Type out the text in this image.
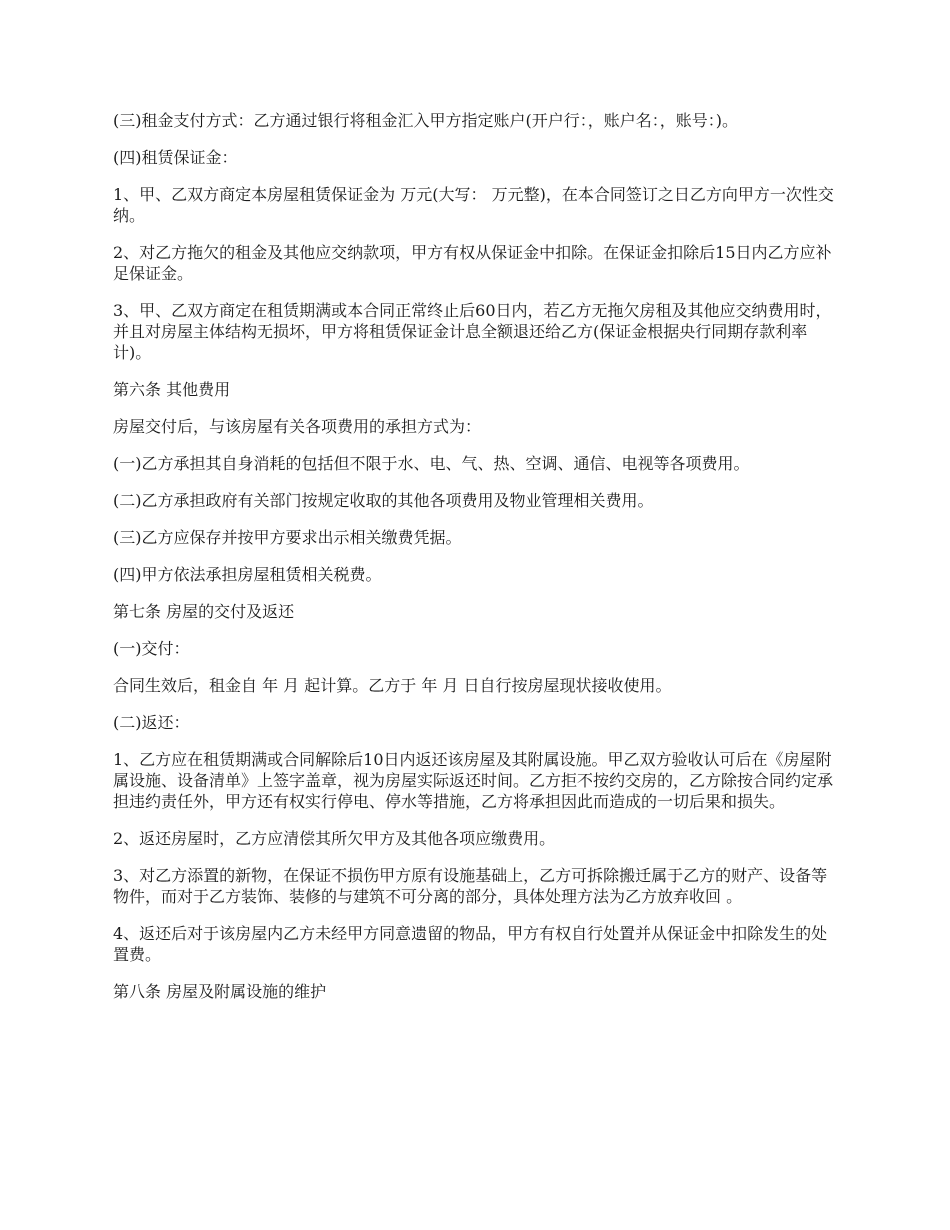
(三)租金支付方式：乙方通过银行将租金汇入甲方指定账户(开户行：，账户名：，账号：)。

(四)租赁保证金：

1、甲、乙双方商定本房屋租赁保证金为 万元(大写： 万元整)，在本合同签订之日乙方向甲方一次性交纳。

2、对乙方拖欠的租金及其他应交纳款项，甲方有权从保证金中扣除。在保证金扣除后15日内乙方应补足保证金。

3、甲、乙双方商定在租赁期满或本合同正常终止后60日内，若乙方无拖欠房租及其他应交纳费用时，并且对房屋主体结构无损坏，甲方将租赁保证金计息全额退还给乙方(保证金根据央行同期存款利率计)。

第六条 其他费用

房屋交付后，与该房屋有关各项费用的承担方式为：

(一)乙方承担其自身消耗的包括但不限于水、电、气、热、空调、通信、电视等各项费用。

(二)乙方承担政府有关部门按规定收取的其他各项费用及物业管理相关费用。

(三)乙方应保存并按甲方要求出示相关缴费凭据。

(四)甲方依法承担房屋租赁相关税费。

第七条 房屋的交付及返还

(一)交付：

合同生效后，租金自 年 月 起计算。乙方于 年 月 日自行按房屋现状接收使用。

(二)返还：

1、乙方应在租赁期满或合同解除后10日内返还该房屋及其附属设施。甲乙双方验收认可后在《房屋附属设施、设备清单》上签字盖章，视为房屋实际返还时间。乙方拒不按约交房的，乙方除按合同约定承担违约责任外，甲方还有权实行停电、停水等措施，乙方将承担因此而造成的一切后果和损失。

2、返还房屋时，乙方应清偿其所欠甲方及其他各项应缴费用。

3、对乙方添置的新物，在保证不损伤甲方原有设施基础上，乙方可拆除搬迁属于乙方的财产、设备等物件，而对于乙方装饰、装修的与建筑不可分离的部分，具体处理方法为乙方放弃收回 。

4、返还后对于该房屋内乙方未经甲方同意遗留的物品，甲方有权自行处置并从保证金中扣除发生的处置费。

第八条 房屋及附属设施的维护
